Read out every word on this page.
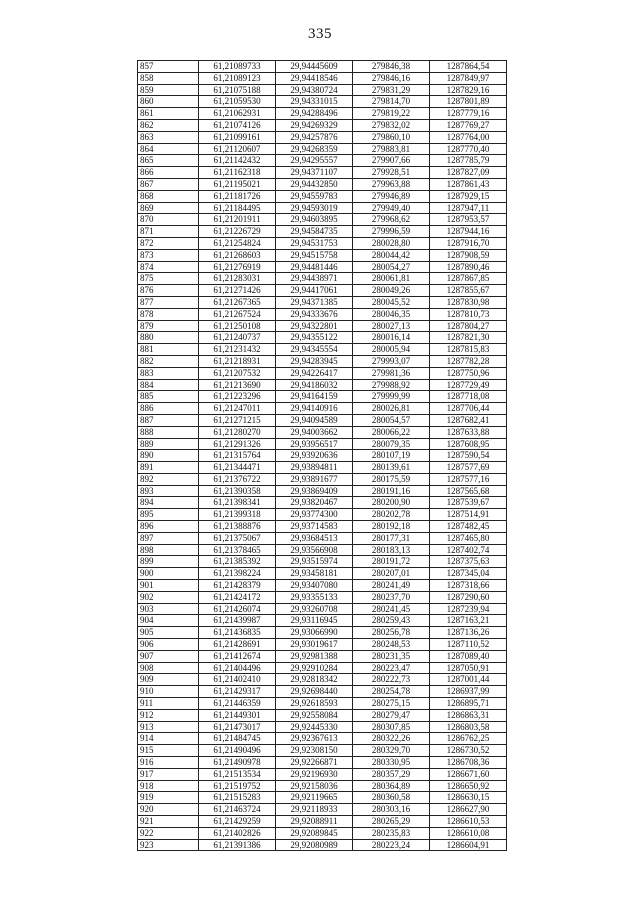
335
857	61,21089733	29,94445609	279846,38	1287864,54
858	61,21089123	29,94418546	279846,16	1287849,97
859	61,21075188	29,94380724	279831,29	1287829,16
860	61,21059530	29,94331015	279814,70	1287801,89
861	61,21062931	29,94288496	279819,22	1287779,16
862	61,21074126	29,94269329	279832,02	1287769,27
863	61,21099161	29,94257876	279860,10	1287764,00
864	61,21120607	29,94268359	279883,81	1287770,40
865	61,21142432	29,94295557	279907,66	1287785,79
866	61,21162318	29,94371107	279928,51	1287827,09
867	61,21195021	29,94432850	279963,88	1287861,43
868	61,21181726	29,94559783	279946,89	1287929,15
869	61,21184495	29,94593019	279949,40	1287947,11
870	61,21201911	29,94603895	279968,62	1287953,57
871	61,21226729	29,94584735	279996,59	1287944,16
872	61,21254824	29,94531753	280028,80	1287916,70
873	61,21268603	29,94515758	280044,42	1287908,59
874	61,21276919	29,94481446	280054,27	1287890,46
875	61,21283031	29,94438971	280061,81	1287867,85
876	61,21271426	29,94417061	280049,26	1287855,67
877	61,21267365	29,94371385	280045,52	1287830,98
878	61,21267524	29,94333676	280046,35	1287810,73
879	61,21250108	29,94322801	280027,13	1287804,27
880	61,21240737	29,94355122	280016,14	1287821,30
881	61,21231432	29,94345554	280005,94	1287815,83
882	61,21218931	29,94283945	279993,07	1287782,28
883	61,21207532	29,94226417	279981,36	1287750,96
884	61,21213690	29,94186032	279988,92	1287729,49
885	61,21223296	29,94164159	279999,99	1287718,08
886	61,21247011	29,94140916	280026,81	1287706,44
887	61,21271215	29,94094589	280054,57	1287682,41
888	61,21280270	29,94003662	280066,22	1287633,88
889	61,21291326	29,93956517	280079,35	1287608,95
890	61,21315764	29,93920636	280107,19	1287590,54
891	61,21344471	29,93894811	280139,61	1287577,69
892	61,21376722	29,93891677	280175,59	1287577,16
893	61,21390358	29,93869409	280191,16	1287565,68
894	61,21398341	29,93820467	280200,90	1287539,67
895	61,21399318	29,93774300	280202,78	1287514,91
896	61,21388876	29,93714583	280192,18	1287482,45
897	61,21375067	29,93684513	280177,31	1287465,80
898	61,21378465	29,93566908	280183,13	1287402,74
899	61,21385392	29,93515974	280191,72	1287375,63
900	61,21398224	29,93458181	280207,01	1287345,04
901	61,21428379	29,93407080	280241,49	1287318,66
902	61,21424172	29,93355133	280237,70	1287290,60
903	61,21426074	29,93260708	280241,45	1287239,94
904	61,21439987	29,93116945	280259,43	1287163,21
905	61,21436835	29,93066990	280256,78	1287136,26
906	61,21428691	29,93019617	280248,53	1287110,52
907	61,21412674	29,92981388	280231,35	1287089,40
908	61,21404496	29,92910284	280223,47	1287050,91
909	61,21402410	29,92818342	280222,73	1287001,44
910	61,21429317	29,92698440	280254,78	1286937,99
911	61,21446359	29,92618593	280275,15	1286895,71
912	61,21449301	29,92558084	280279,47	1286863,31
913	61,21473017	29,92445330	280307,85	1286803,58
914	61,21484745	29,92367613	280322,26	1286762,25
915	61,21490496	29,92308150	280329,70	1286730,52
916	61,21490978	29,92266871	280330,95	1286708,36
917	61,21513534	29,92196930	280357,29	1286671,60
918	61,21519752	29,92158036	280364,89	1286650,92
919	61,21515283	29,92119665	280360,58	1286630,15
920	61,21463724	29,92118933	280303,16	1286627,90
921	61,21429259	29,92088911	280265,29	1286610,53
922	61,21402826	29,92089845	280235,83	1286610,08
923	61,21391386	29,92080989	280223,24	1286604,91
